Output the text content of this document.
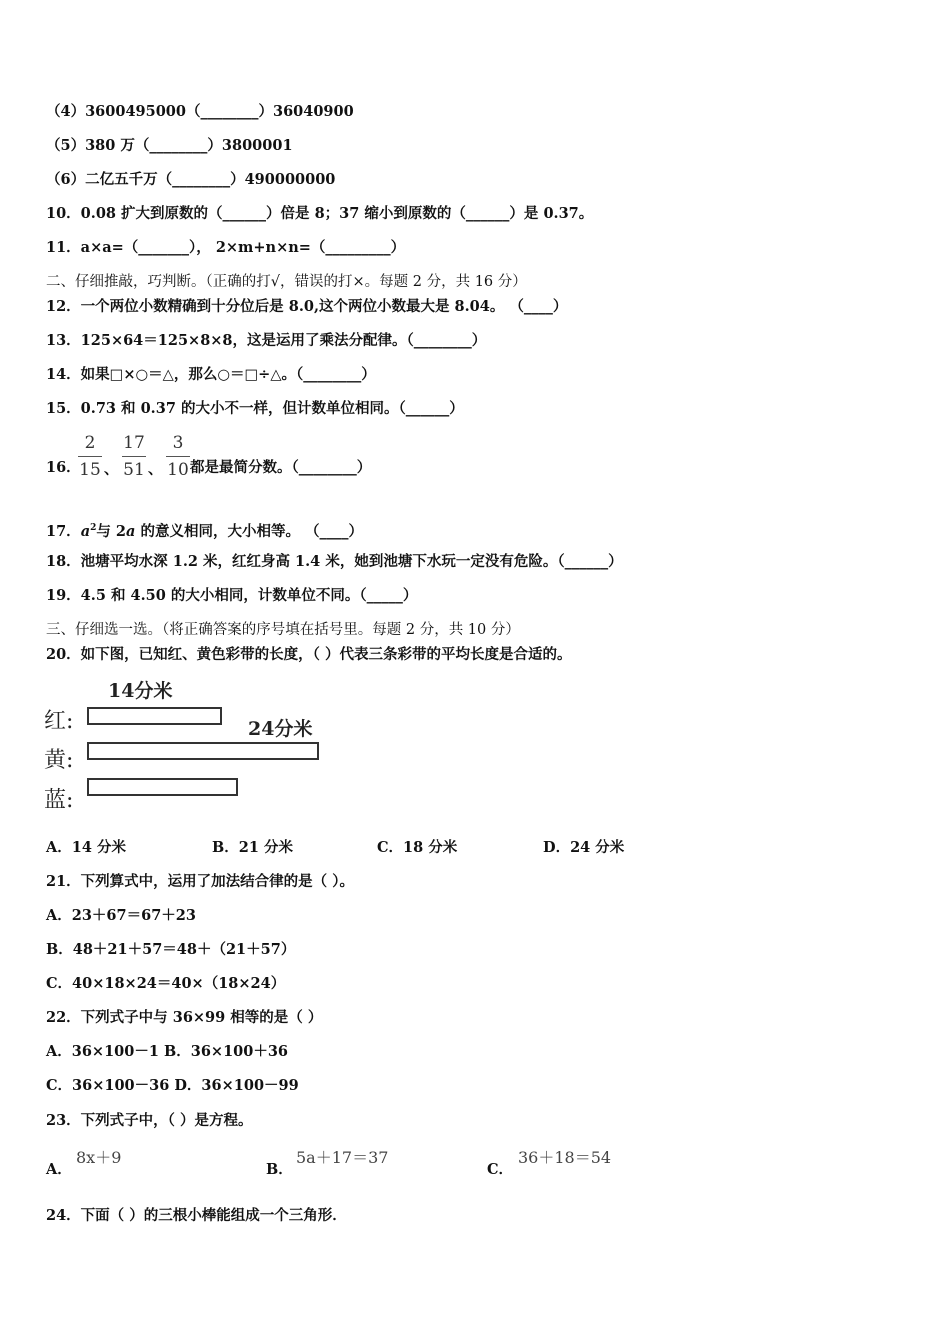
（4）3600495000（________）36040900
（5）380 万（________）3800001
（6）二亿五千万（________）490000000
10．0.08 扩大到原数的（______）倍是 8；37 缩小到原数的（______）是 0.37。
11．a×a=（_______）， 2×m+n×n=（_________）
二、仔细推敲，巧判断。（正确的打√，错误的打×。每题 2 分，共 16 分）
12．一个两位小数精确到十分位后是 8.0,这个两位小数最大是 8.04。 （____）
13．125×64＝125×8×8，这是运用了乘法分配律。（________）
14．如果□×○＝△，那么○＝□÷△。（________）
15．0.73 和 0.37 的大小不一样，但计数单位相同。（______）
16．
2
15 、
17
51 、
3
10 都是最简分数。（________）
17．$a^2$与 2a 的意义相同，大小相等。 （____）
18．池塘平均水深 1.2 米，红红身高 1.4 米，她到池塘下水玩一定没有危险。（______）
19．4.5 和 4.50 的大小相同，计数单位不同。（_____）
三、仔细选一选。（将正确答案的序号填在括号里。每题 2 分，共 10 分）
20．如下图，已知红、黄色彩带的长度，（ ）代表三条彩带的平均长度是合适的。
14分米
红:	24分米
黄:
蓝:
A．14 分米	B．21 分米	C．18 分米	D．24 分米
21．下列算式中，运用了加法结合律的是（ ）。
A．23＋67＝67＋23
B．48＋21＋57＝48＋（21＋57）
C．40×18×24＝40×（18×24）
22．下列式子中与 36×99 相等的是（ ）
A．36×100－1 B．36×100＋36
C．36×100－36 D．36×100－99
23．下列式子中，（ ）是方程。
A．
8x＋9
B．
5a＋17＝37
C．
36＋18＝54
24．下面（ ）的三根小棒能组成一个三角形．
